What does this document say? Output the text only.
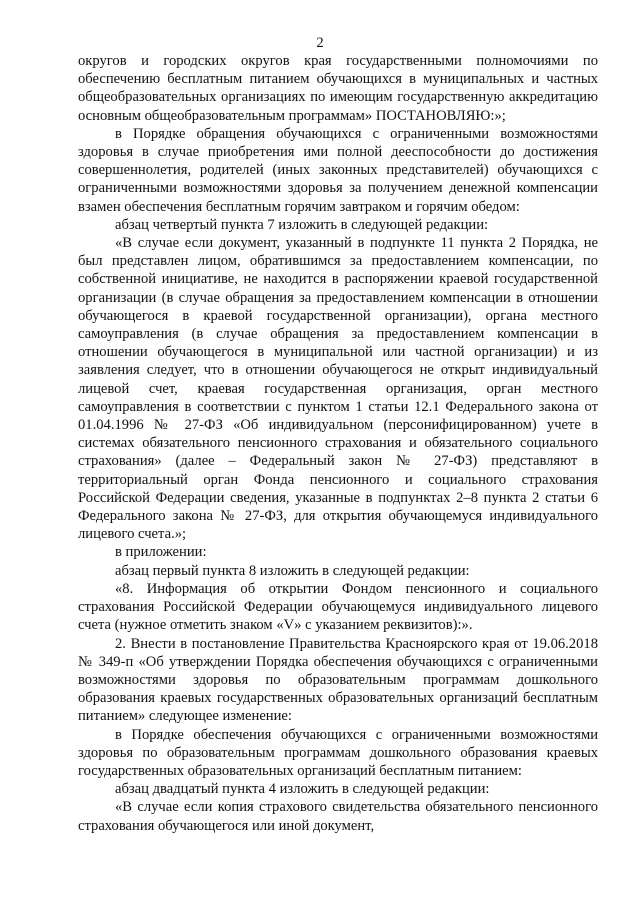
2

округов и городских округов края государственными полномочиями по обеспечению бесплатным питанием обучающихся в муниципальных и частных общеобразовательных организациях по имеющим государственную аккредитацию основным общеобразовательным программам» ПОСТАНОВЛЯЮ:»;

в Порядке обращения обучающихся с ограниченными возможностями здоровья в случае приобретения ими полной дееспособности до достижения совершеннолетия, родителей (иных законных представителей) обучающихся с ограниченными возможностями здоровья за получением денежной компенсации взамен обеспечения бесплатным горячим завтраком и горячим обедом:

абзац четвертый пункта 7 изложить в следующей редакции:

«В случае если документ, указанный в подпункте 11 пункта 2 Порядка, не был представлен лицом, обратившимся за предоставлением компенсации, по собственной инициативе, не находится в распоряжении краевой государственной организации (в случае обращения за предоставлением компенсации в отношении обучающегося в краевой государственной организации), органа местного самоуправления (в случае обращения за предоставлением компенсации в отношении обучающегося в муниципальной или частной организации) и из заявления следует, что в отношении обучающегося не открыт индивидуальный лицевой счет, краевая государственная организация, орган местного самоуправления в соответствии с пунктом 1 статьи 12.1 Федерального закона от 01.04.1996 № 27-ФЗ «Об индивидуальном (персонифицированном) учете в системах обязательного пенсионного страхования и обязательного социального страхования» (далее – Федеральный закон № 27-ФЗ) представляют в территориальный орган Фонда пенсионного и социального страхования Российской Федерации сведения, указанные в подпунктах 2–8 пункта 2 статьи 6 Федерального закона № 27-ФЗ, для открытия обучающемуся индивидуального лицевого счета.»;

в приложении:

абзац первый пункта 8 изложить в следующей редакции:

«8. Информация об открытии Фондом пенсионного и социального страхования Российской Федерации обучающемуся индивидуального лицевого счета (нужное отметить знаком «V» с указанием реквизитов):».

2. Внести в постановление Правительства Красноярского края от 19.06.2018 № 349-п «Об утверждении Порядка обеспечения обучающихся с ограниченными возможностями здоровья по образовательным программам дошкольного образования краевых государственных образовательных организаций бесплатным питанием» следующее изменение:

в Порядке обеспечения обучающихся с ограниченными возможностями здоровья по образовательным программам дошкольного образования краевых государственных образовательных организаций бесплатным питанием:

абзац двадцатый пункта 4 изложить в следующей редакции:

«В случае если копия страхового свидетельства обязательного пенсионного страхования обучающегося или иной документ,
